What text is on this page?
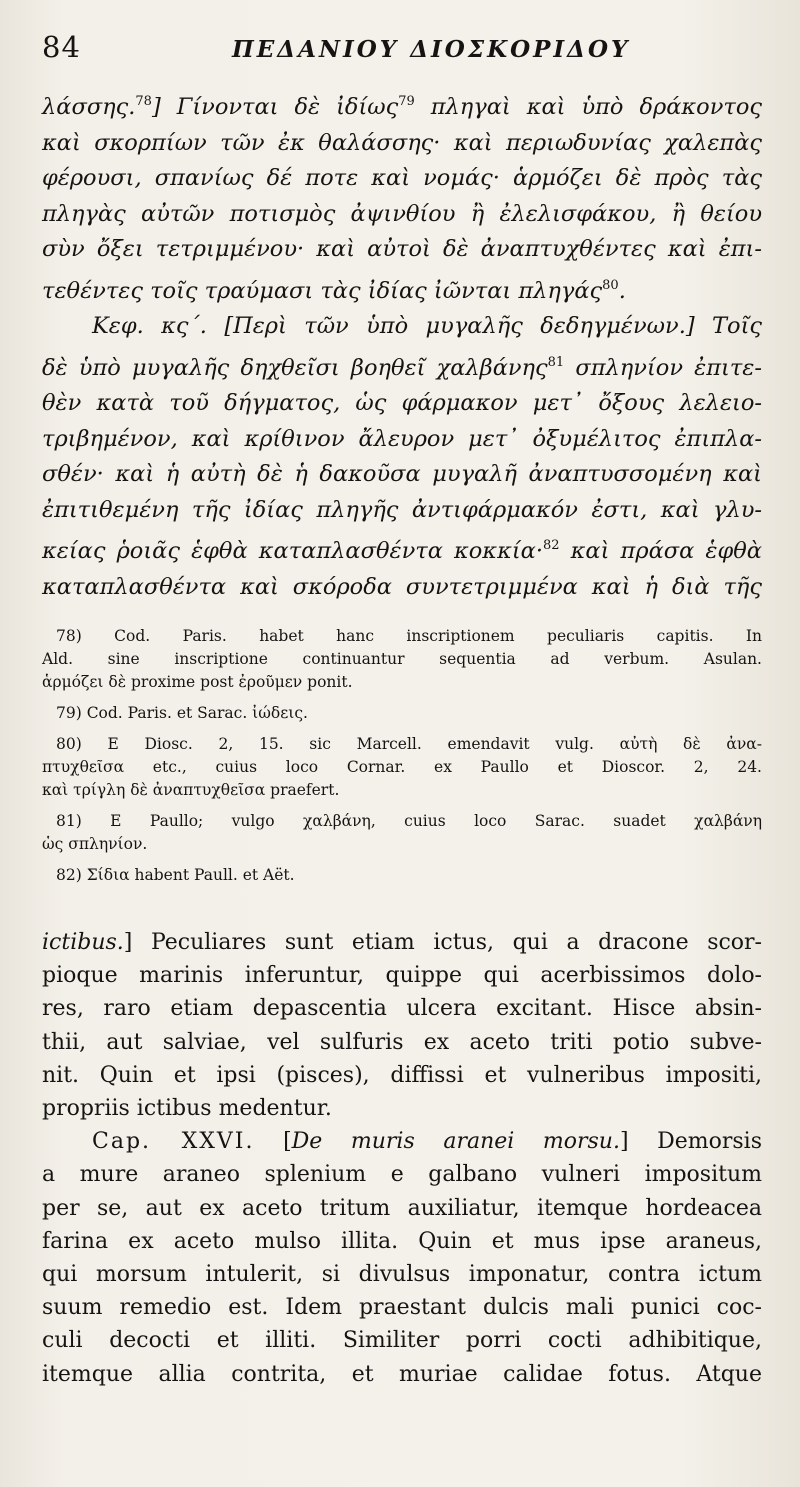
84	ΠΕΔΑΝΙΟΥ ΔΙΟΣΚΟΡΙΔΟΥ
λάσσης.$^{78}$] Γίνονται δὲ ἰδίως$^{79}$ πληγαὶ καὶ ὑπὸ δράκοντος
καὶ σκορπίων τῶν ἐκ θαλάσσης· καὶ περιωδυνίας χαλεπὰς
φέρουσι, σπανίως δέ ποτε καὶ νομάς· ἁρμόζει δὲ πρὸς τὰς
πληγὰς αὐτῶν ποτισμὸς ἀψινθίου ἢ ἐλελισφάκου, ἢ θείου
σὺν ὄξει τετριμμένου· καὶ αὐτοὶ δὲ ἀναπτυχθέντες καὶ ἐπι-
τεθέντες τοῖς τραύμασι τὰς ἰδίας ἰῶνται πληγάς$^{80}$.
Κεφ. κς΄. [Περὶ τῶν ὑπὸ μυγαλῆς δεδηγμένων.] Τοῖς
δὲ ὑπὸ μυγαλῆς δηχθεῖσι βοηθεῖ χαλβάνης$^{81}$ σπληνίον ἐπιτε-
θὲν κατὰ τοῦ δήγματος, ὡς φάρμακον μετ᾽ ὄξους λελειο-
τριβημένον, καὶ κρίθινον ἄλευρον μετ᾽ ὀξυμέλιτος ἐπιπλα-
σθέν· καὶ ἡ αὐτὴ δὲ ἡ δακοῦσα μυγαλῆ ἀναπτυσσομένη καὶ
ἐπιτιθεμένη τῆς ἰδίας πληγῆς ἀντιφάρμακόν ἐστι, καὶ γλυ-
κείας ῥοιᾶς ἑφθὰ καταπλασθέντα κοκκία·$^{82}$ καὶ πράσα ἑφθὰ
καταπλασθέντα καὶ σκόροδα συντετριμμένα καὶ ἡ διὰ τῆς
78) Cod. Paris. habet hanc inscriptionem peculiaris capitis. In
Ald. sine inscriptione continuantur sequentia ad verbum. Asulan.
ἁρμόζει δὲ proxime post ἐροῦμεν ponit.
79) Cod. Paris. et Sarac. ἰώδεις.
80) E Diosc. 2, 15. sic Marcell. emendavit vulg. αὐτὴ δὲ ἀνα-
πτυχθεῖσα etc., cuius loco Cornar. ex Paullo et Dioscor. 2, 24.
καὶ τρίγλη δὲ ἀναπτυχθεῖσα praefert.
81) E Paullo; vulgo χαλβάνη, cuius loco Sarac. suadet χαλβάνη
ὡς σπληνίον.
82) Σίδια habent Paull. et Aët.
ictibus.] Peculiares sunt etiam ictus, qui a dracone scor-
pioque marinis inferuntur, quippe qui acerbissimos dolo-
res, raro etiam depascentia ulcera excitant. Hisce absin-
thii, aut salviae, vel sulfuris ex aceto triti potio subve-
nit. Quin et ipsi (pisces), diffissi et vulneribus impositi,
propriis ictibus medentur.
Cap. XXVI. [De muris aranei morsu.] Demorsis
a mure araneo splenium e galbano vulneri impositum
per se, aut ex aceto tritum auxiliatur, itemque hordeacea
farina ex aceto mulso illita. Quin et mus ipse araneus,
qui morsum intulerit, si divulsus imponatur, contra ictum
suum remedio est. Idem praestant dulcis mali punici coc-
culi decocti et illiti. Similiter porri cocti adhibitique,
itemque allia contrita, et muriae calidae fotus. Atque
